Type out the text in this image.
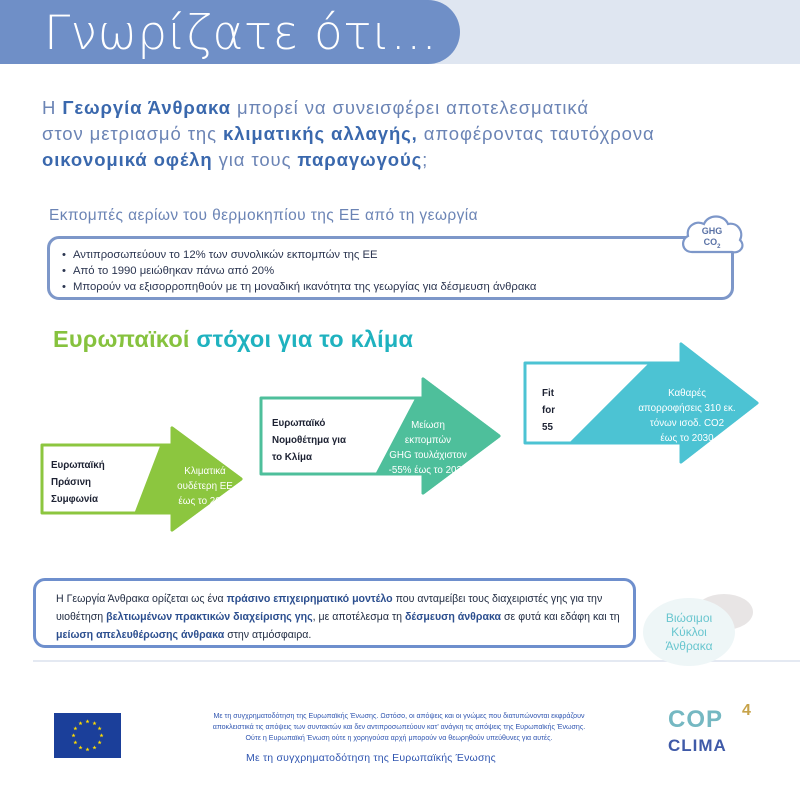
Γνωρίζατε ότι...
Η Γεωργία Άνθρακα μπορεί να συνεισφέρει αποτελεσματικά
στον μετριασμό της κλιματικής αλλαγής, αποφέροντας ταυτόχρονα
οικονομικά οφέλη για τους παραγωγούς;
Εκπομπές αερίων του θερμοκηπίου της ΕΕ από τη γεωργία
• Αντιπροσωπεύουν το 12% των συνολικών εκπομπών της ΕΕ
• Από το 1990 μειώθηκαν πάνω από 20%
• Μπορούν να εξισορροπηθούν με τη μοναδική ικανότητα της γεωργίας για δέσμευση άνθρακα
GHG
$CO_2$
Ευρωπαϊκοί στόχοι για το κλίμα
Ευρωπαϊκή
Πράσινη
Συμφωνία
Κλιματικά
ουδέτερη ΕΕ
έως το 2050
Ευρωπαϊκό
Νομοθέτημα για
το Κλίμα
Μείωση
εκπομπών
GHG τουλάχιστον
-55% έως το 2030
Fit
for
55
Καθαρές
απορροφήσεις 310 εκ.
τόνων ισοδ. CO2
έως το 2030
Η Γεωργία Άνθρακα ορίζεται ως ένα πράσινο επιχειρηματικό μοντέλο που ανταμείβει τους διαχειριστές γης για την υιοθέτηση βελτιωμένων πρακτικών διαχείρισης γης, με αποτέλεσμα τη δέσμευση άνθρακα σε φυτά και εδάφη και τη μείωση απελευθέρωσης άνθρακα στην ατμόσφαιρα.
Βιώσιμοι
Κύκλοι
Άνθρακα
Με τη συγχρηματοδότηση της Ευρωπαϊκής Ένωσης. Ωστόσο, οι απόψεις και οι γνώμες που διατυπώνονται εκφράζουν
αποκλειστικά τις απόψεις των συντακτών και δεν αντιπροσωπεύουν κατ' ανάγκη τις απόψεις της Ευρωπαϊκής Ένωσης.
Ούτε η Ευρωπαϊκή Ένωση ούτε η χορηγούσα αρχή μπορούν να θεωρηθούν υπεύθυνες για αυτές.
Με τη συγχρηματοδότηση της Ευρωπαϊκής Ένωσης
COP 4
CLIMA
